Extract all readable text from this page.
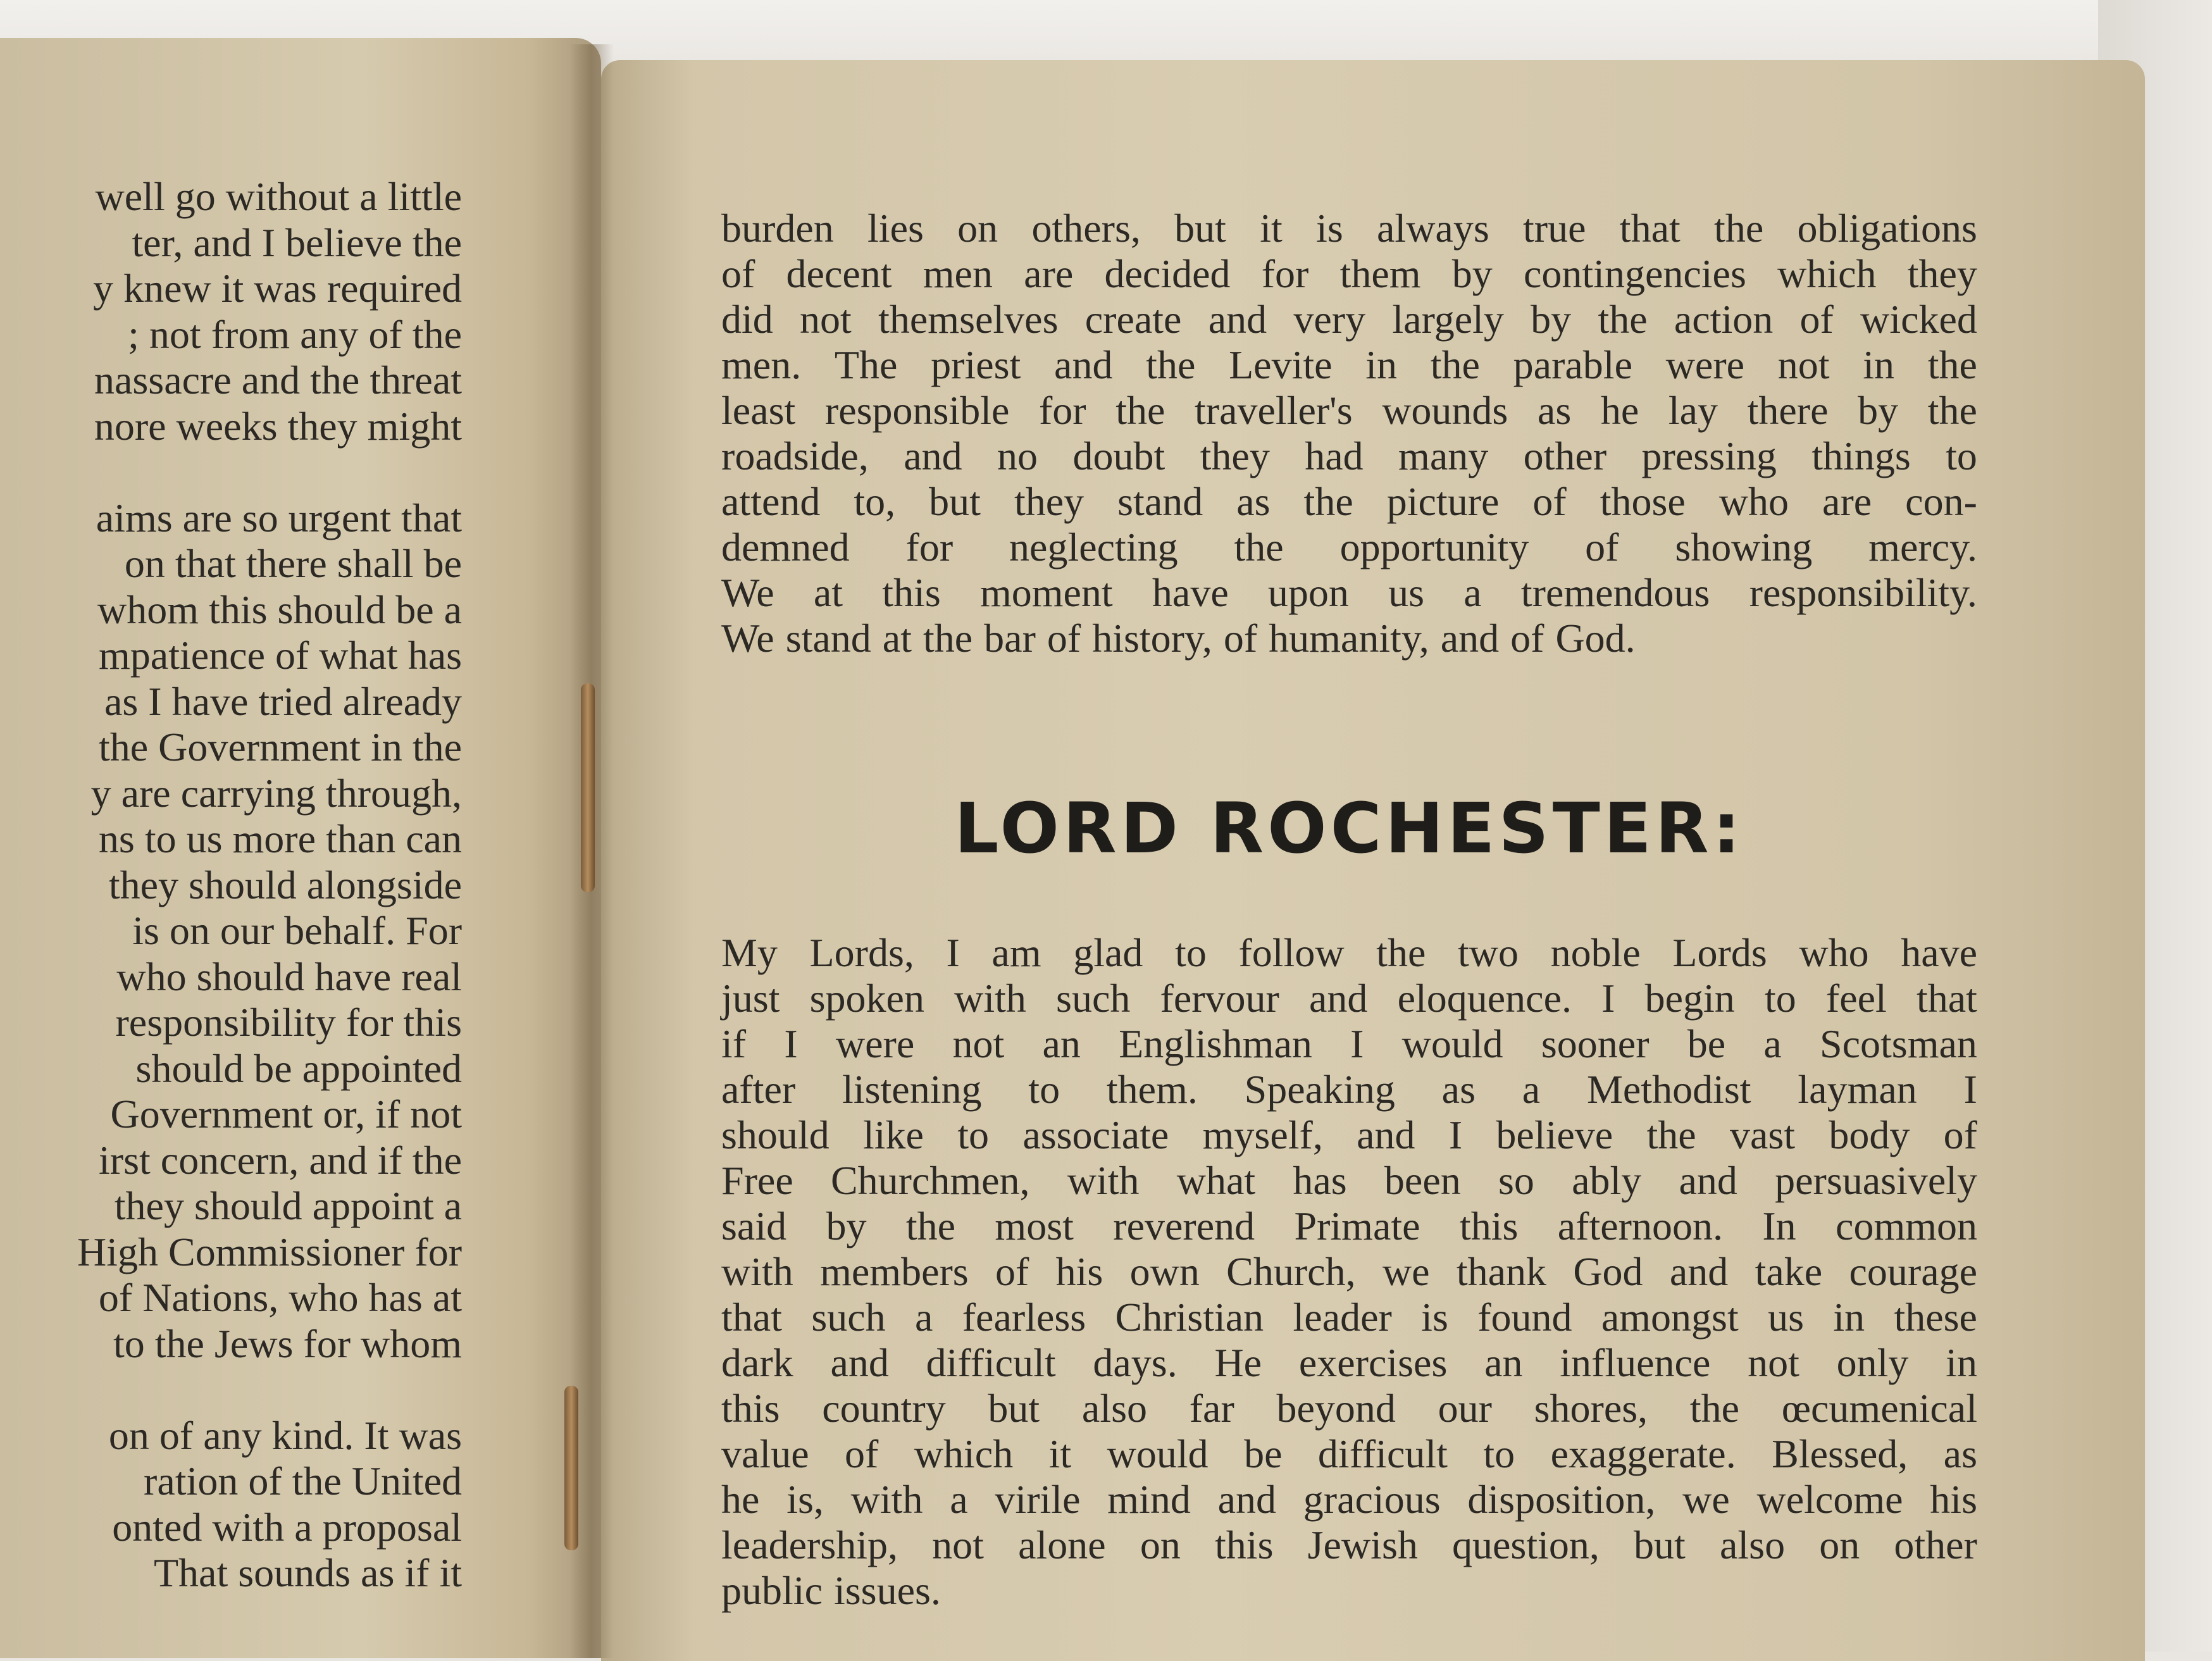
well go without a little
ter, and I believe the
y knew it was required
; not from any of the
nassacre and the threat
nore weeks they might
aims are so urgent that
on that there shall be
whom this should be a
mpatience of what has
as I have tried already
the Government in the
y are carrying through,
ns to us more than can
they should alongside
is on our behalf. For
who should have real
responsibility for this
should be appointed
Government or, if not
irst concern, and if the
they should appoint a
High Commissioner for
of Nations, who has at
to the Jews for whom
on of any kind. It was
ration of the United
onted with a proposal
That sounds as if it
burden lies on others, but it is always true that the obligations
of decent men are decided for them by contingencies which they
did not themselves create and very largely by the action of wicked
men. The priest and the Levite in the parable were not in the
least responsible for the traveller's wounds as he lay there by the
roadside, and no doubt they had many other pressing things to
attend to, but they stand as the picture of those who are con-
demned for neglecting the opportunity of showing mercy.
We at this moment have upon us a tremendous responsibility.
We stand at the bar of history, of humanity, and of God.
LORD ROCHESTER:
My Lords, I am glad to follow the two noble Lords who have
just spoken with such fervour and eloquence. I begin to feel that
if I were not an Englishman I would sooner be a Scotsman
after listening to them. Speaking as a Methodist layman I
should like to associate myself, and I believe the vast body of
Free Churchmen, with what has been so ably and persuasively
said by the most reverend Primate this afternoon. In common
with members of his own Church, we thank God and take courage
that such a fearless Christian leader is found amongst us in these
dark and difficult days. He exercises an influence not only in
this country but also far beyond our shores, the œcumenical
value of which it would be difficult to exaggerate. Blessed, as
he is, with a virile mind and gracious disposition, we welcome his
leadership, not alone on this Jewish question, but also on other
public issues.
